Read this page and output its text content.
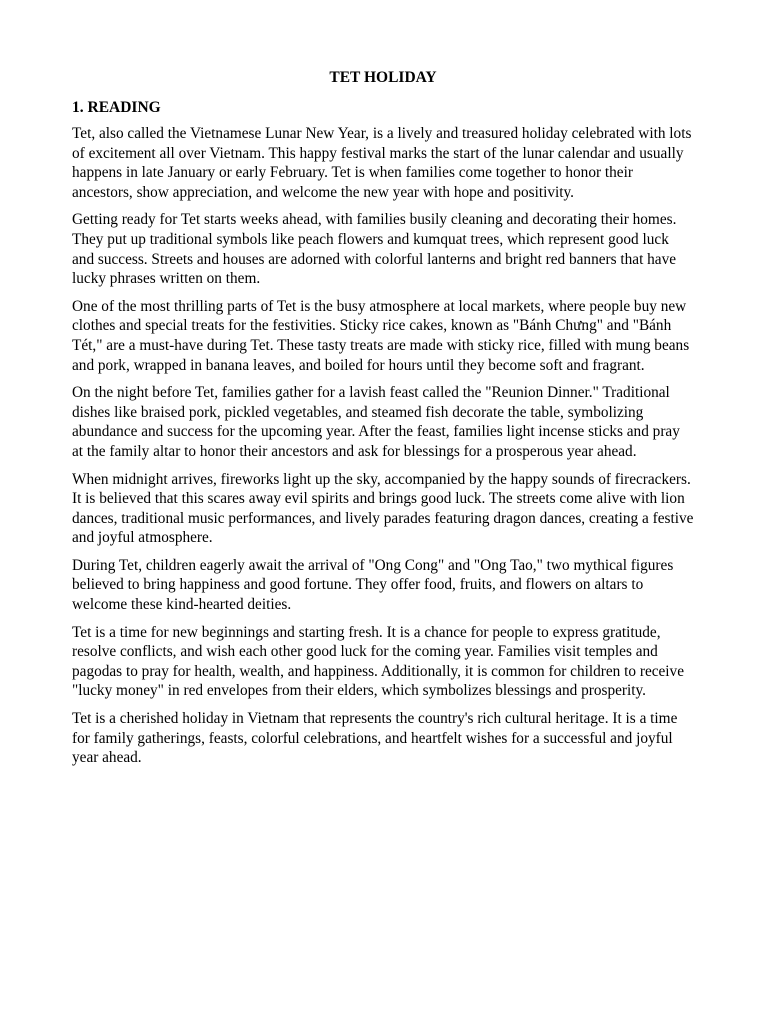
TET HOLIDAY
1. READING

Tet, also called the Vietnamese Lunar New Year, is a lively and treasured holiday celebrated with lots of excitement all over Vietnam. This happy festival marks the start of the lunar calendar and usually happens in late January or early February. Tet is when families come together to honor their ancestors, show appreciation, and welcome the new year with hope and positivity.

Getting ready for Tet starts weeks ahead, with families busily cleaning and decorating their homes. They put up traditional symbols like peach flowers and kumquat trees, which represent good luck and success. Streets and houses are adorned with colorful lanterns and bright red banners that have lucky phrases written on them.

One of the most thrilling parts of Tet is the busy atmosphere at local markets, where people buy new clothes and special treats for the festivities. Sticky rice cakes, known as "Bánh Chưng" and "Bánh Tét," are a must-have during Tet. These tasty treats are made with sticky rice, filled with mung beans and pork, wrapped in banana leaves, and boiled for hours until they become soft and fragrant.

On the night before Tet, families gather for a lavish feast called the "Reunion Dinner." Traditional dishes like braised pork, pickled vegetables, and steamed fish decorate the table, symbolizing abundance and success for the upcoming year. After the feast, families light incense sticks and pray at the family altar to honor their ancestors and ask for blessings for a prosperous year ahead.

When midnight arrives, fireworks light up the sky, accompanied by the happy sounds of firecrackers. It is believed that this scares away evil spirits and brings good luck. The streets come alive with lion dances, traditional music performances, and lively parades featuring dragon dances, creating a festive and joyful atmosphere.

During Tet, children eagerly await the arrival of "Ong Cong" and "Ong Tao," two mythical figures believed to bring happiness and good fortune. They offer food, fruits, and flowers on altars to welcome these kind-hearted deities.

Tet is a time for new beginnings and starting fresh. It is a chance for people to express gratitude, resolve conflicts, and wish each other good luck for the coming year. Families visit temples and pagodas to pray for health, wealth, and happiness. Additionally, it is common for children to receive "lucky money" in red envelopes from their elders, which symbolizes blessings and prosperity.

Tet is a cherished holiday in Vietnam that represents the country's rich cultural heritage. It is a time for family gatherings, feasts, colorful celebrations, and heartfelt wishes for a successful and joyful year ahead.
